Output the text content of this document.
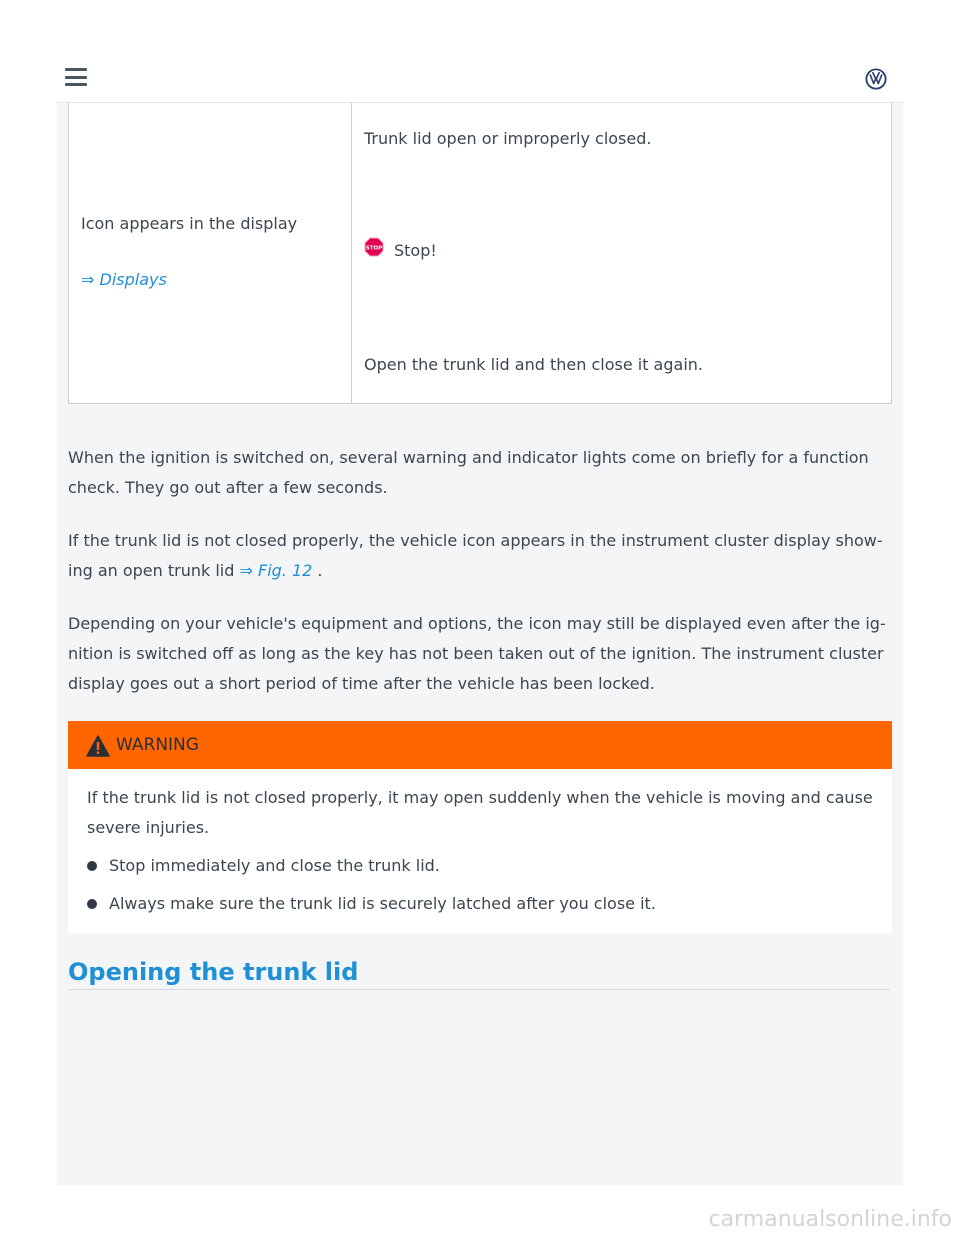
Icon appears in the display
⇒ Displays
Trunk lid open or improperly closed.
STOP Stop!
Open the trunk lid and then close it again.

When the ignition is switched on, several warning and indicator lights come on briefly for a function
check. They go out after a few seconds.

If the trunk lid is not closed properly, the vehicle icon appears in the instrument cluster display show-
ing an open trunk lid ⇒ Fig. 12 .

Depending on your vehicle's equipment and options, the icon may still be displayed even after the ig-
nition is switched off as long as the key has not been taken out of the ignition. The instrument cluster
display goes out a short period of time after the vehicle has been locked.

WARNING

If the trunk lid is not closed properly, it may open suddenly when the vehicle is moving and cause
severe injuries.

Stop immediately and close the trunk lid.
Always make sure the trunk lid is securely latched after you close it.
Opening the trunk lid
carmanualsonline.info
